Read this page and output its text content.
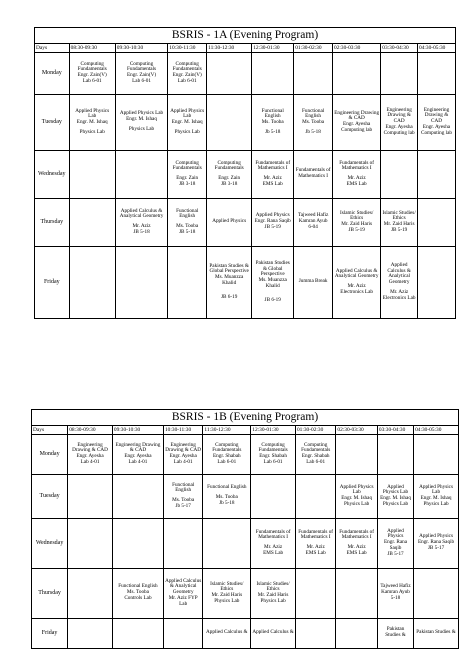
BSRIS - 1A (Evening Program)									
Days	08:30-09:30	09:30-10:30	10:30-11:30	11:30-12:30	12:30-01:30	01:30-02:30	02:30-03:30	03:30-04:30	04:30-05:30
Monday	Computing Fundamentals
Engr. Zain(V)
Lab 6-01	Computing Fundamentals
Engr. Zain(V)
Lab 6-01	Computing Fundamentals
Engr. Zain(V)
Lab 6-01						

Tuesday	Applied Physics Lab
Engr. M. Ishaq
Physics Lab	Applied Physics Lab
Engr. M. Ishaq
Physics Lab	Applied Physics Lab
Engr. M. Ishaq
Physics Lab		Functional English
Ms. Tooba
Jb 5-18	Functional English
Ms. Tooba
Jb 5-18	Engineering Drawing & CAD
Engr. Ayesha
Computing lab	Engineering Drawing & CAD
Engr. Ayesha
Computing lab	Engineering Drawing & CAD
Engr. Ayesha
Computing lab

Wednesday			Computing Fundamentals
Engr. Zain
JB 3-18	Computing Fundamentals
Engr. Zain
JB 3-18	Fundamentals of Mathematics I
Mr. Aziz
EMS Lab	Fundamentals of Mathematics I	Fundamentals of Mathematics I
Mr. Aziz
EMS Lab		

Thursday		Applied Calculus & Analytical Geometry
Mr. Aziz
JB 5-18	Functional English
Ms. Tooba
JB 5-18	Applied Physics	Applied Physics
Engr. Rana Saqib
JB 5-19	Tajweed Hafiz Kamran Ayub
6-04	Islamic Studies/ Ethics
Mr. Zaid Haris
JB 5-19	Islamic Studies/ Ethics
Mr. Zaid Haris
JB 5-19	

Friday				Pakistan Studies & Global Perspective
Ms. Muanzza Khalid
JB 6-19	Pakistan Studies & Global Perspective
Ms. Muanzza Khalid
JB 6-19	Jumma Break	Applied Calculus & Analytical Geometry
Mr. Aziz
Electronics Lab	Applied Calculus & Analytical Geometry
Mr. Aziz
Electronics Lab	

BSRIS - 1B (Evening Program)									
Days	08:30-09:30	09:30-10:30	10:30-11:30	11:30-12:30	12:30-01:30	01:30-02:30	02:30-03:30	03:30-04:30	04:30-05:30
Monday	Engineering Drawing & CAD
Engr. Ayesha
Lab 4-01	Engineering Drawing & CAD
Engr. Ayesha
Lab 4-01	Engineering Drawing & CAD
Engr. Ayesha
Lab 4-01	Computing Fundamentals
Engr. Shabah
Lab 6-01	Computing Fundamentals
Engr. Shabah
Lab 6-01	Computing Fundamentals
Engr. Shabah
Lab 6-01			

Tuesday			Functional English
Ms. Tooba
Jb 5-17	Functional English
Ms. Tooba
Jb 5-18			Applied Physics Lab
Engr. M. Ishaq
Physics Lab	Applied Physics Lab
Engr. M. Ishaq
Physics Lab	Applied Physics Lab
Engr. M. Ishaq
Physics Lab

Wednesday					Fundamentals of Mathematics I
Mr. Aziz
EMS Lab	Fundamentals of Mathematics I
Mr. Aziz
EMS Lab	Fundamentals of Mathematics I
Mr. Aziz
EMS Lab	Applied Physics
Engr. Rana Saqib
JB 5-17	Applied Physics
Engr. Rana Saqib
JB 5-17

Thursday		Functional English
Ms. Tooba
Controls Lab	Applied Calculus & Analytical Geometry
Mr. Aziz FYP
Lab	Islamic Studies/ Ethics
Mr. Zaid Haris
Physics Lab	Islamic Studies/ Ethics
Mr. Zaid Haris
Physics Lab			Tajweed Hafiz Kamran Ayub
5-18	

Friday				Applied Calculus &	Applied Calculus &			Pakistan Studies &	Pakistan Studies &
